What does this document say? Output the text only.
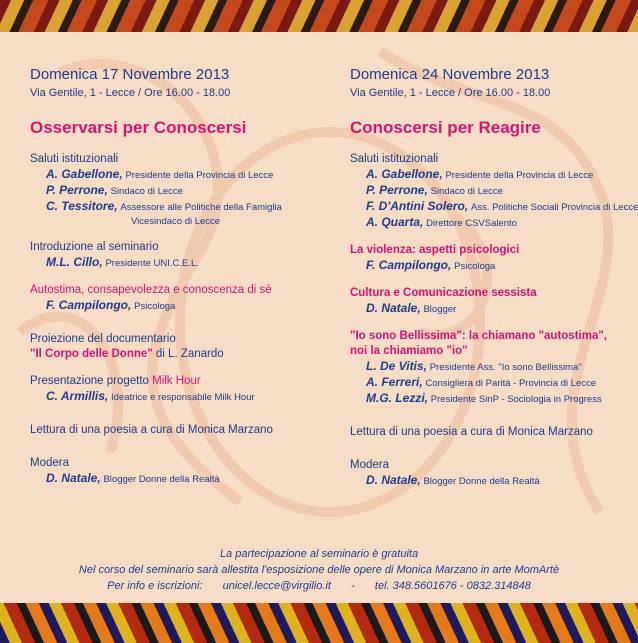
Domenica 17 Novembre 2013
Via Gentile, 1 - Lecce / Ore 16.00 - 18.00
Osservarsi per Conoscersi
Saluti istituzionali
A. Gabellone, Presidente della Provincia di Lecce
P. Perrone, Sindaco di Lecce
C. Tessitore, Assessore alle Politiche della Famiglia
Vicesindaco di Lecce
Introduzione al seminario
M.L. Cillo, Presidente UNI.C.E.L.
Autostima, consapevolezza e conoscenza di sè
F. Campilongo, Psicologa
Proiezione del documentario
"Il Corpo delle Donne" di L. Zanardo
Presentazione progetto Milk Hour
C. Armillis, Ideatrice e responsabile Milk Hour
Lettura di una poesia a cura di Monica Marzano
Modera
D. Natale, Blogger Donne della Realtà
Domenica 24 Novembre 2013
Via Gentile, 1 - Lecce / Ore 16.00 - 18.00
Conoscersi per Reagire
Saluti istituzionali
A. Gabellone, Presidente della Provincia di Lecce
P. Perrone, Sindaco di Lecce
F. D'Antini Solero, Ass. Politiche Sociali Provincia di Lecce
A. Quarta, Direttore CSVSalento
La violenza: aspetti psicologici
F. Campilongo, Psicologa
Cultura e Comunicazione sessista
D. Natale, Blogger
"Io sono Bellissima": la chiamano "autostima",
noi la chiamiamo "io"
L. De Vitis, Presidente Ass. "Io sono Bellissima"
A. Ferreri, Consigliera di Parità - Provincia di Lecce
M.G. Lezzi, Presidente SinP - Sociologia in Progress
Lettura di una poesia a cura di Monica Marzano
Modera
D. Natale, Blogger Donne della Realtà
La partecipazione al seminario è gratuita
Nel corso del seminario sarà allestita l'esposizione delle opere di Monica Marzano in arte MomArtè
Per info e iscrizioni: unicel.lecce@virgilio.it - tel. 348.5601676 - 0832.314848
